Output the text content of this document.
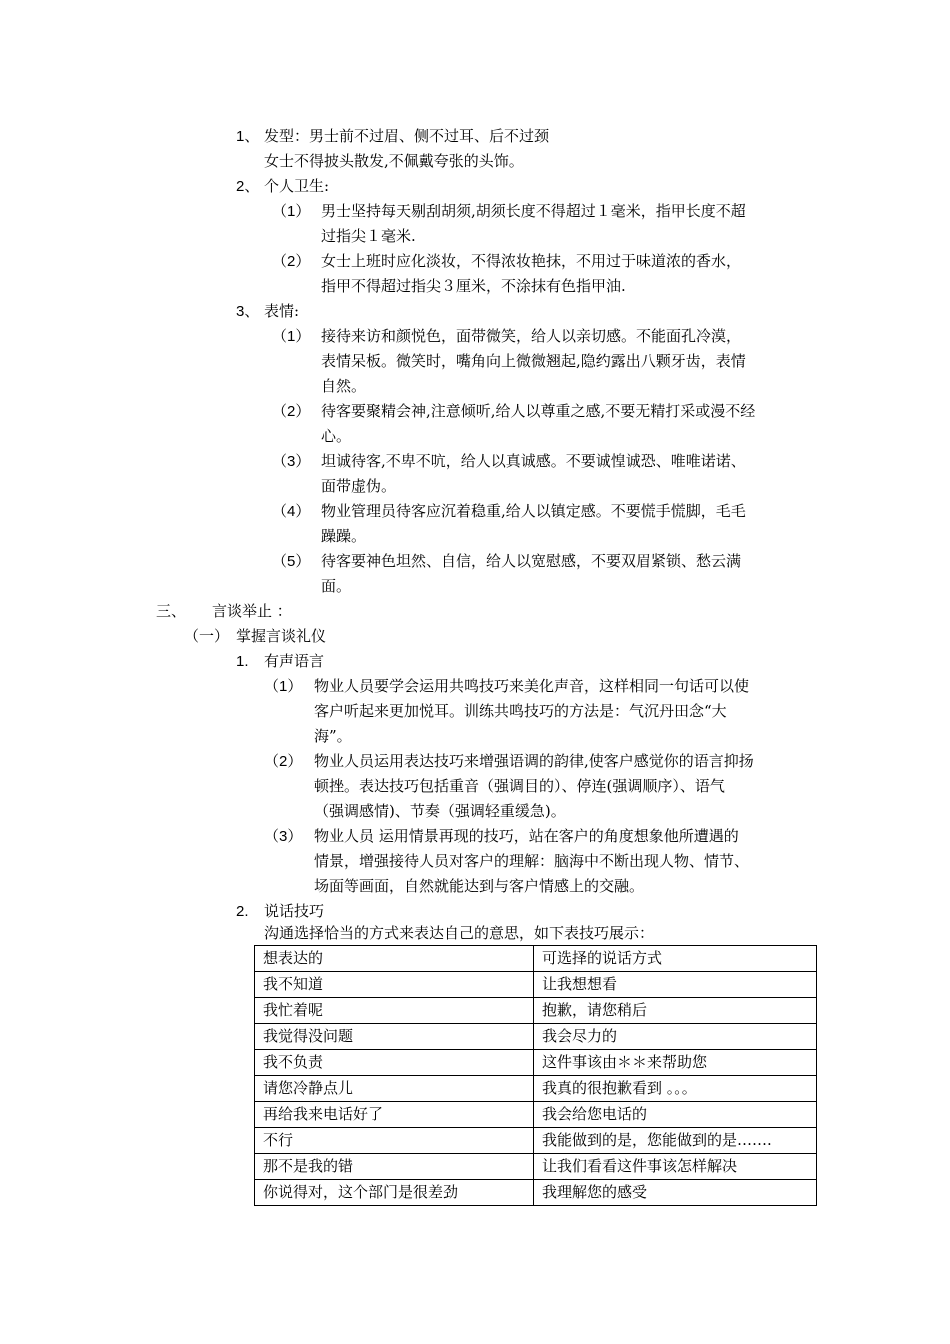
1、 发型：男士前不过眉、侧不过耳、后不过颈
女士不得披头散发,不佩戴夸张的头饰。
2、 个人卫生:
（1） 男士坚持每天剔刮胡须,胡须长度不得超过１毫米，指甲长度不超
过指尖１毫米.
（2） 女士上班时应化淡妆，不得浓妆艳抹，不用过于味道浓的香水，
指甲不得超过指尖３厘米，不涂抹有色指甲油.
3、 表情:
（1） 接待来访和颜悦色，面带微笑，给人以亲切感。不能面孔冷漠，
表情呆板。微笑时，嘴角向上微微翘起,隐约露出八颗牙齿，表情
自然。
（2） 待客要聚精会神,注意倾听,给人以尊重之感,不要无精打采或漫不经
心。
（3） 坦诚待客,不卑不吭，给人以真诚感。不要诚惶诚恐、唯唯诺诺、
面带虚伪。
（4） 物业管理员待客应沉着稳重,给人以镇定感。不要慌手慌脚，毛毛
躁躁。
（5） 待客要神色坦然、自信，给人以宽慰感，不要双眉紧锁、愁云满
面。
三、 言谈举止 ：
（一） 掌握言谈礼仪
1. 有声语言
（1） 物业人员要学会运用共鸣技巧来美化声音，这样相同一句话可以使
客户听起来更加悦耳。训练共鸣技巧的方法是：气沉丹田念“大
海”。
（2） 物业人员运用表达技巧来增强语调的韵律,使客户感觉你的语言抑扬
顿挫。表达技巧包括重音（强调目的）、停连(强调顺序）、语气
（强调感情)、节奏（强调轻重缓急)。
（3） 物业人员 运用情景再现的技巧，站在客户的角度想象他所遭遇的
情景，增强接待人员对客户的理解：脑海中不断出现人物、情节、
场面等画面，自然就能达到与客户情感上的交融。
2. 说话技巧
沟通选择恰当的方式来表达自己的意思，如下表技巧展示：
想表达的	可选择的说话方式
我不知道	让我想想看
我忙着呢	抱歉，请您稍后
我觉得没问题	我会尽力的
我不负责	这件事该由＊＊来帮助您
请您冷静点儿	我真的很抱歉看到 。。。
再给我来电话好了	我会给您电话的
不行	我能做到的是，您能做到的是…….
那不是我的错	让我们看看这件事该怎样解决
你说得对，这个部门是很差劲	我理解您的感受
